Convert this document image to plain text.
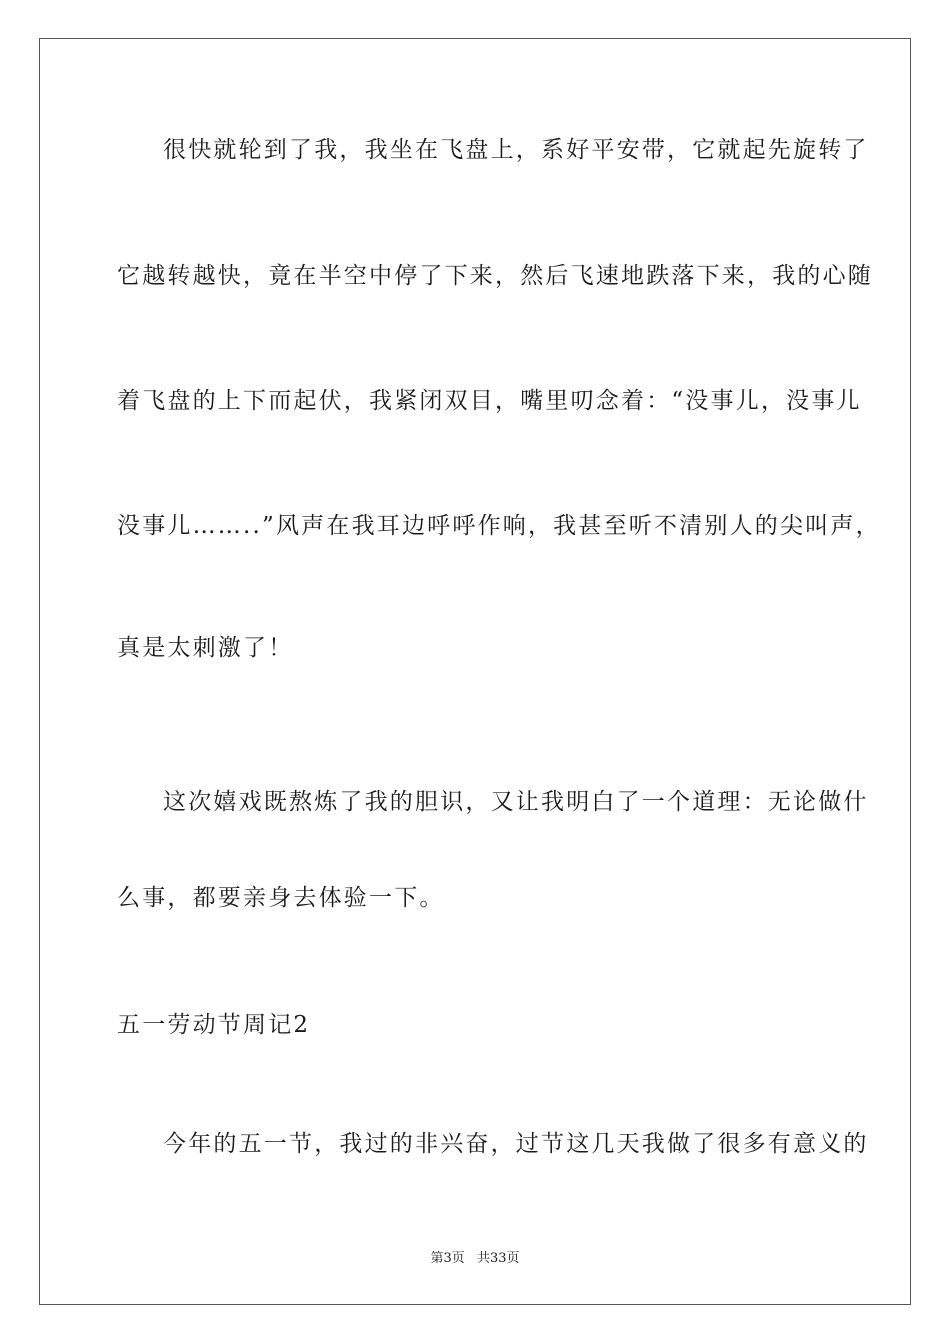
很快就轮到了我，我坐在飞盘上，系好平安带，它就起先旋转了
它越转越快，竟在半空中停了下来，然后飞速地跌落下来，我的心随
着飞盘的上下而起伏，我紧闭双目，嘴里叨念着：“没事儿，没事儿
没事儿……..”风声在我耳边呼呼作响，我甚至听不清别人的尖叫声，
真是太刺激了！
这次嬉戏既熬炼了我的胆识，又让我明白了一个道理：无论做什
么事，都要亲身去体验一下。
五一劳动节周记2
今年的五一节，我过的非兴奋，过节这几天我做了很多有意义的
第3页 共33页
